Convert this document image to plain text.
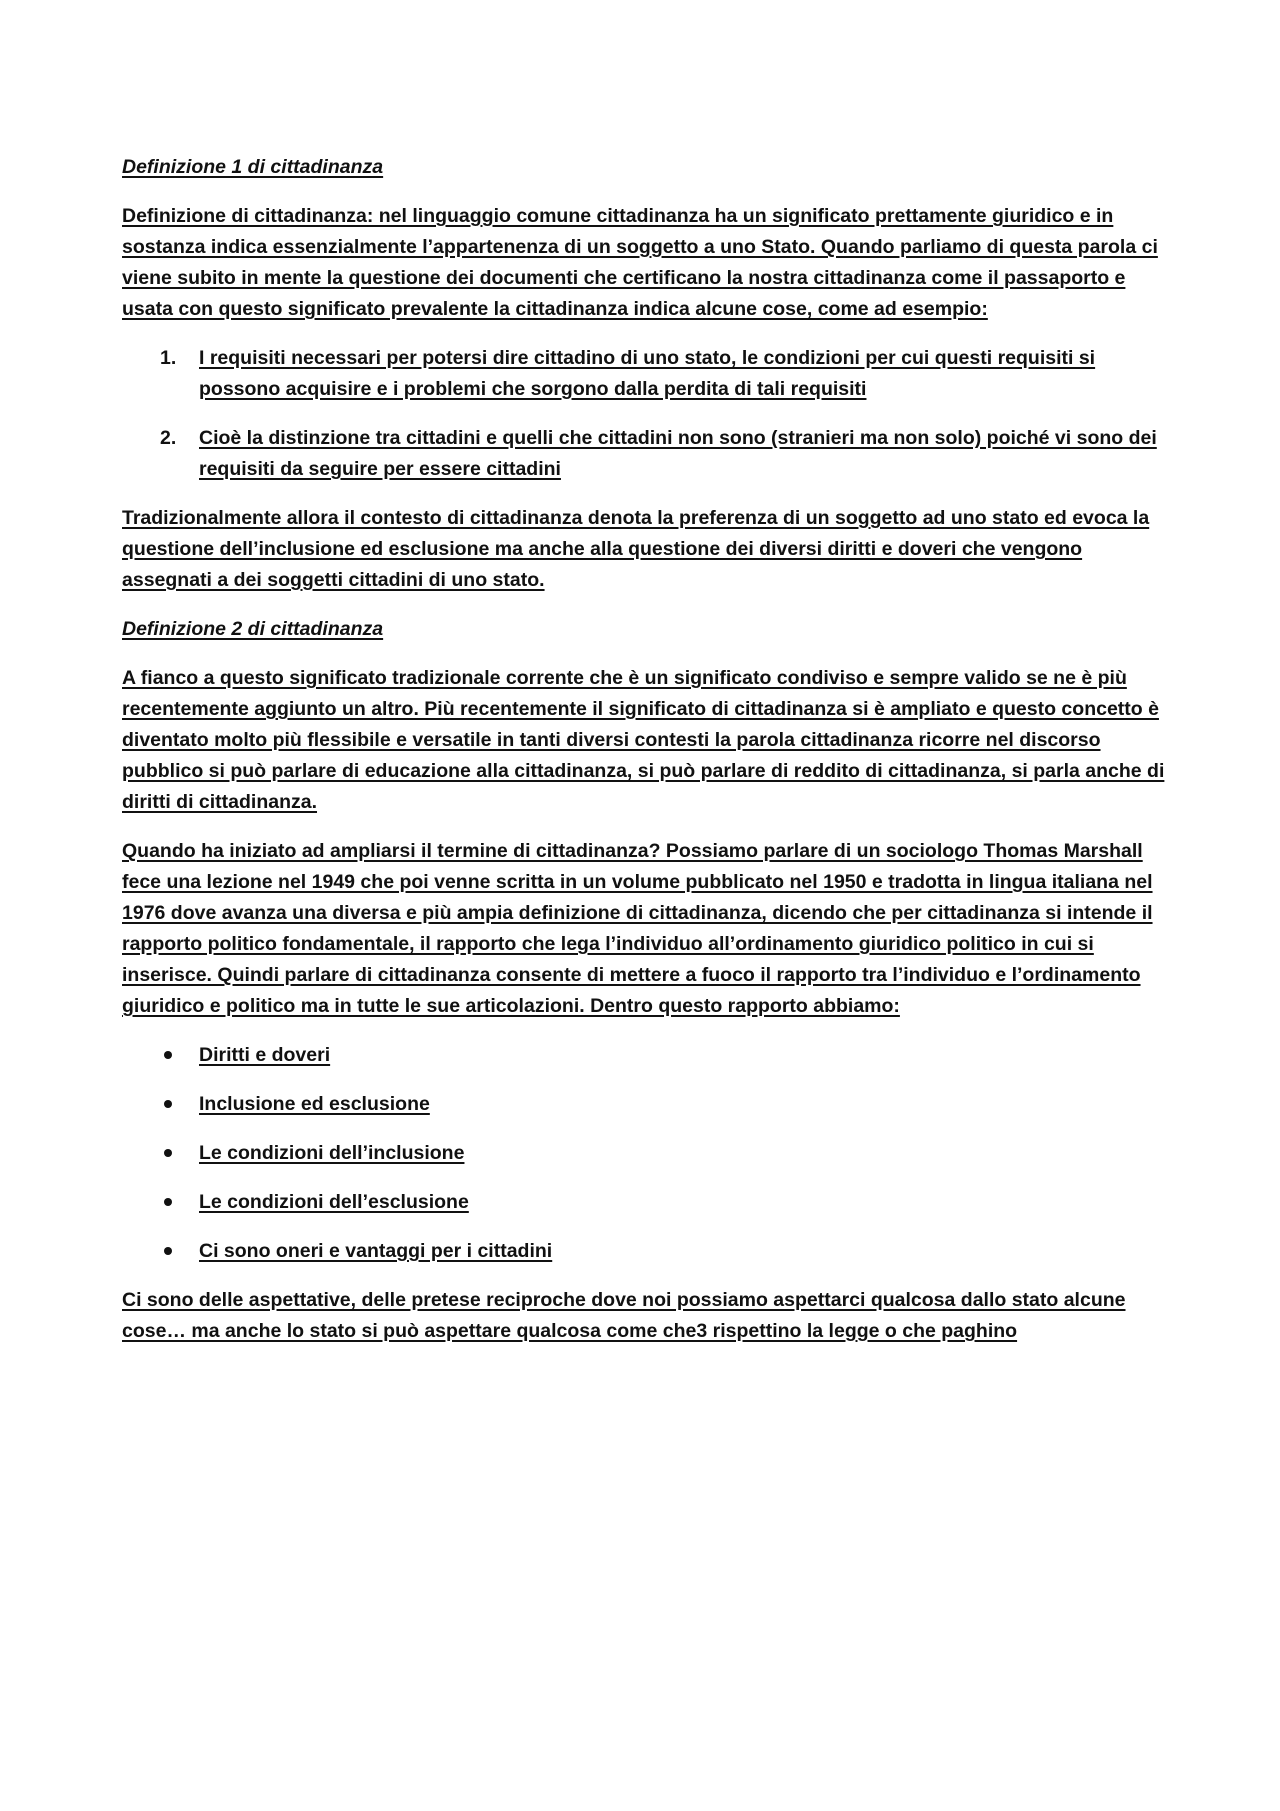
Definizione 1 di cittadinanza

Definizione di cittadinanza: nel linguaggio comune cittadinanza ha un significato prettamente giuridico e in sostanza indica essenzialmente l’appartenenza di un soggetto a uno Stato. Quando parliamo di questa parola ci viene subito in mente la questione dei documenti che certificano la nostra cittadinanza come il passaporto e usata con questo significato prevalente la cittadinanza indica alcune cose, come ad esempio:

1. I requisiti necessari per potersi dire cittadino di uno stato, le condizioni per cui questi requisiti si possono acquisire e i problemi che sorgono dalla perdita di tali requisiti
2. Cioè la distinzione tra cittadini e quelli che cittadini non sono (stranieri ma non solo) poiché vi sono dei requisiti da seguire per essere cittadini

Tradizionalmente allora il contesto di cittadinanza denota la preferenza di un soggetto ad uno stato ed evoca la questione dell’inclusione ed esclusione ma anche alla questione dei diversi diritti e doveri che vengono assegnati a dei soggetti cittadini di uno stato.

Definizione 2 di cittadinanza

A fianco a questo significato tradizionale corrente che è un significato condiviso e sempre valido se ne è più recentemente aggiunto un altro. Più recentemente il significato di cittadinanza si è ampliato e questo concetto è diventato molto più flessibile e versatile in tanti diversi contesti la parola cittadinanza ricorre nel discorso pubblico si può parlare di educazione alla cittadinanza, si può parlare di reddito di cittadinanza, si parla anche di diritti di cittadinanza.

Quando ha iniziato ad ampliarsi il termine di cittadinanza? Possiamo parlare di un sociologo Thomas Marshall fece una lezione nel 1949 che poi venne scritta in un volume pubblicato nel 1950 e tradotta in lingua italiana nel 1976 dove avanza una diversa e più ampia definizione di cittadinanza, dicendo che per cittadinanza si intende il rapporto politico fondamentale, il rapporto che lega l’individuo all’ordinamento giuridico politico in cui si inserisce. Quindi parlare di cittadinanza consente di mettere a fuoco il rapporto tra l’individuo e l’ordinamento giuridico e politico ma in tutte le sue articolazioni. Dentro questo rapporto abbiamo:

Diritti e doveri
Inclusione ed esclusione
Le condizioni dell’inclusione
Le condizioni dell’esclusione
Ci sono oneri e vantaggi per i cittadini

Ci sono delle aspettative, delle pretese reciproche dove noi possiamo aspettarci qualcosa dallo stato alcune cose… ma anche lo stato si può aspettare qualcosa come che3 rispettino la legge o che paghino
